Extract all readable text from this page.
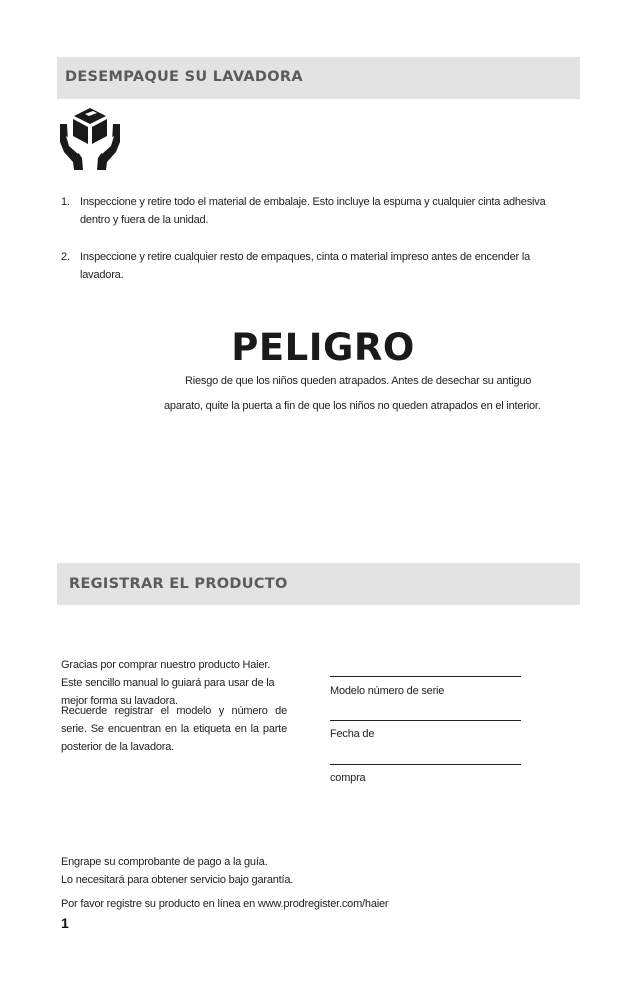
DESEMPAQUE SU LAVADORA
1. Inspeccione y retire todo el material de embalaje. Esto incluye la espuma y cualquier cinta adhesiva dentro y fuera de la unidad.
2. Inspeccione y retire cualquier resto de empaques, cinta o material impreso antes de encender la lavadora.
PELIGRO
Riesgo de que los niños queden atrapados. Antes de desechar su antiguo
aparato, quite la puerta a fin de que los niños no queden atrapados en el interior.
REGISTRAR EL PRODUCTO
Gracias por comprar nuestro producto Haier. Este sencillo manual lo guiará para usar de la mejor forma su lavadora.
Recuerde registrar el modelo y número de serie. Se encuentran en la etiqueta en la parte posterior de la lavadora.
Modelo número de serie
Fecha de
compra
Engrape su comprobante de pago a la guía.
Lo necesitará para obtener servicio bajo garantía.
Por favor registre su producto en línea en www.prodregister.com/haier
1
